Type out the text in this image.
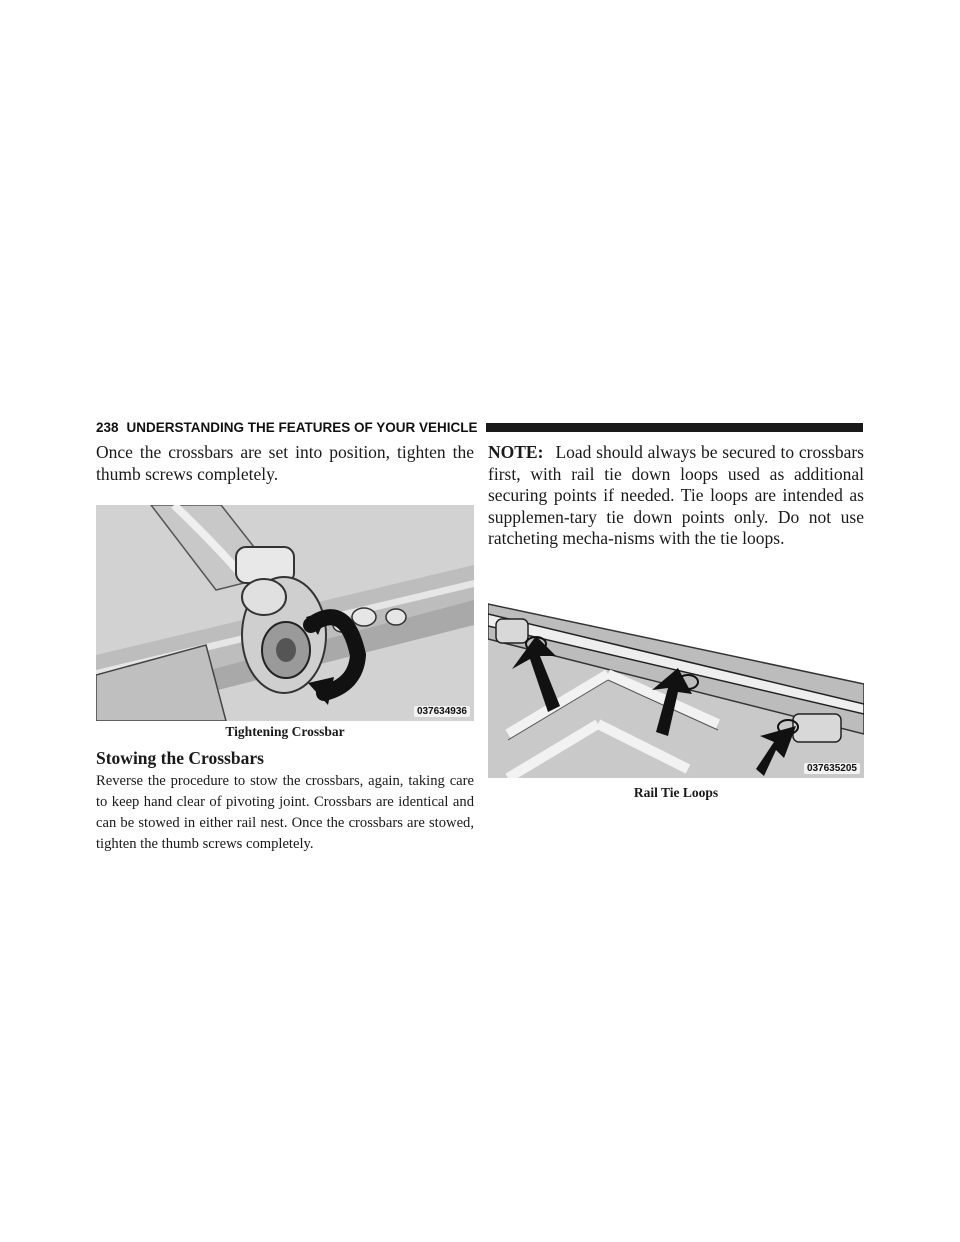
238 UNDERSTANDING THE FEATURES OF YOUR VEHICLE

Once the crossbars are set into position, tighten the thumb screws completely.

037634936
Tightening Crossbar
Stowing the Crossbars

Reverse the procedure to stow the crossbars, again, taking care to keep hand clear of pivoting joint. Crossbars are identical and can be stowed in either rail nest. Once the crossbars are stowed, tighten the thumb screws completely.

NOTE: Load should always be secured to crossbars first, with rail tie down loops used as additional securing points if needed. Tie loops are intended as supplemen-tary tie down points only. Do not use ratcheting mecha-nisms with the tie loops.

037635205
Rail Tie Loops
